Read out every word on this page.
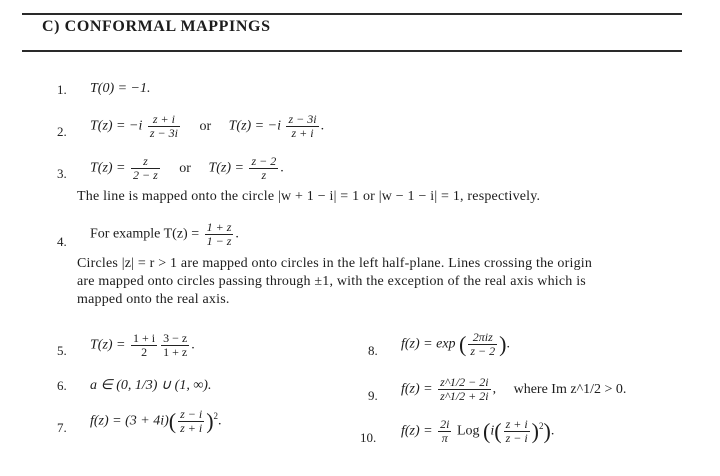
C) CONFORMAL MAPPINGS
1. T(0) = −1.
2. $T(z) = -i \frac{z + i}{z - 3i}$ or $T(z) = -i \frac{z - 3i}{z + i}$ .
3. $T(z) = \frac{z}{2 - z}$ or $T(z) = \frac{z - 2}{z}$ .
The line is mapped onto the circle |w + 1 − i| = 1 or |w − 1 − i| = 1, respectively.
4. For example $T(z) = \frac{1 + z}{1 - z}$ .
Circles |z| = r > 1 are mapped onto circles in the left half-plane. Lines crossing the origin
are mapped onto circles passing through ±1, with the exception of the real axis which is
mapped onto the real axis.
5. $T(z) = \frac{1 + i}{2} \frac{3 - z}{1 + z}$ .
6. a ∈ (0, 1/3) ∪ (1, ∞).
7. $f(z) = (3 + 4i)( \frac{z - i}{z + i} )^2$.
8. f(z) = exp ( $\frac{\text{2πiz}}{z - 2}$ ).
9. $f(z) = \frac{z\^{}1/2 - 2i}{z\^{}1/2 + 2i}$ , where Im z^1/2 > 0.
10. $f(z) = \frac{2i}{\pi}$ Log $(i( \frac{z + i}{z - i} )^2)$.
